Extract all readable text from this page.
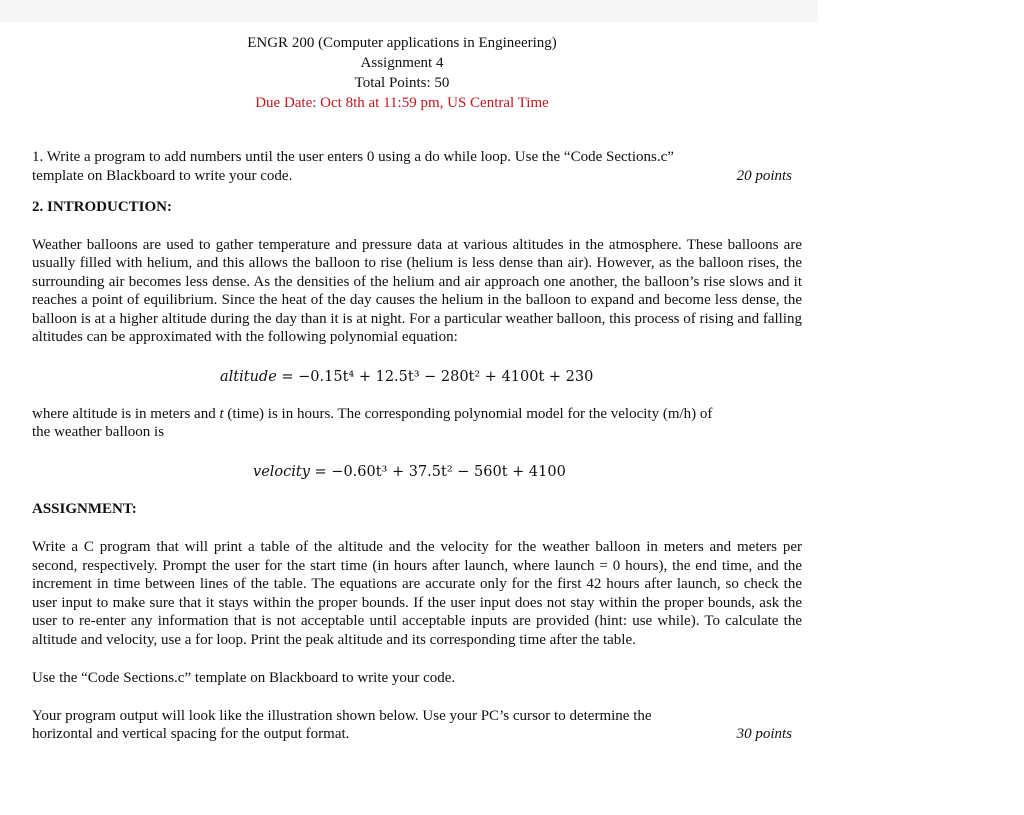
ENGR 200 (Computer applications in Engineering)
Assignment 4
Total Points: 50
Due Date: Oct 8th at 11:59 pm, US Central Time

1. Write a program to add numbers until the user enters 0 using a do while loop. Use the “Code Sections.c”

template on Blackboard to write your code.	20 points

2. INTRODUCTION:

Weather balloons are used to gather temperature and pressure data at various altitudes in the atmosphere. These balloons are usually filled with helium, and this allows the balloon to rise (helium is less dense than air). However, as the balloon rises, the surrounding air becomes less dense. As the densities of the helium and air approach one another, the balloon’s rise slows and it reaches a point of equilibrium. Since the heat of the day causes the helium in the balloon to expand and become less dense, the balloon is at a higher altitude during the day than it is at night. For a particular weather balloon, this process of rising and falling altitudes can be approximated with the following polynomial equation:

altitude = −0.15t⁴ + 12.5t³ − 280t² + 4100t + 230

where altitude is in meters and t (time) is in hours. The corresponding polynomial model for the velocity (m/h) of

the weather balloon is

velocity = −0.60t³ + 37.5t² − 560t + 4100

ASSIGNMENT:

Write a C program that will print a table of the altitude and the velocity for the weather balloon in meters and meters per second, respectively. Prompt the user for the start time (in hours after launch, where launch = 0 hours), the end time, and the increment in time between lines of the table. The equations are accurate only for the first 42 hours after launch, so check the user input to make sure that it stays within the proper bounds. If the user input does not stay within the proper bounds, ask the user to re-enter any information that is not acceptable until acceptable inputs are provided (hint: use while). To calculate the altitude and velocity, use a for loop. Print the peak altitude and its corresponding time after the table.

Use the “Code Sections.c” template on Blackboard to write your code.

Your program output will look like the illustration shown below. Use your PC’s cursor to determine the

horizontal and vertical spacing for the output format.	30 points
